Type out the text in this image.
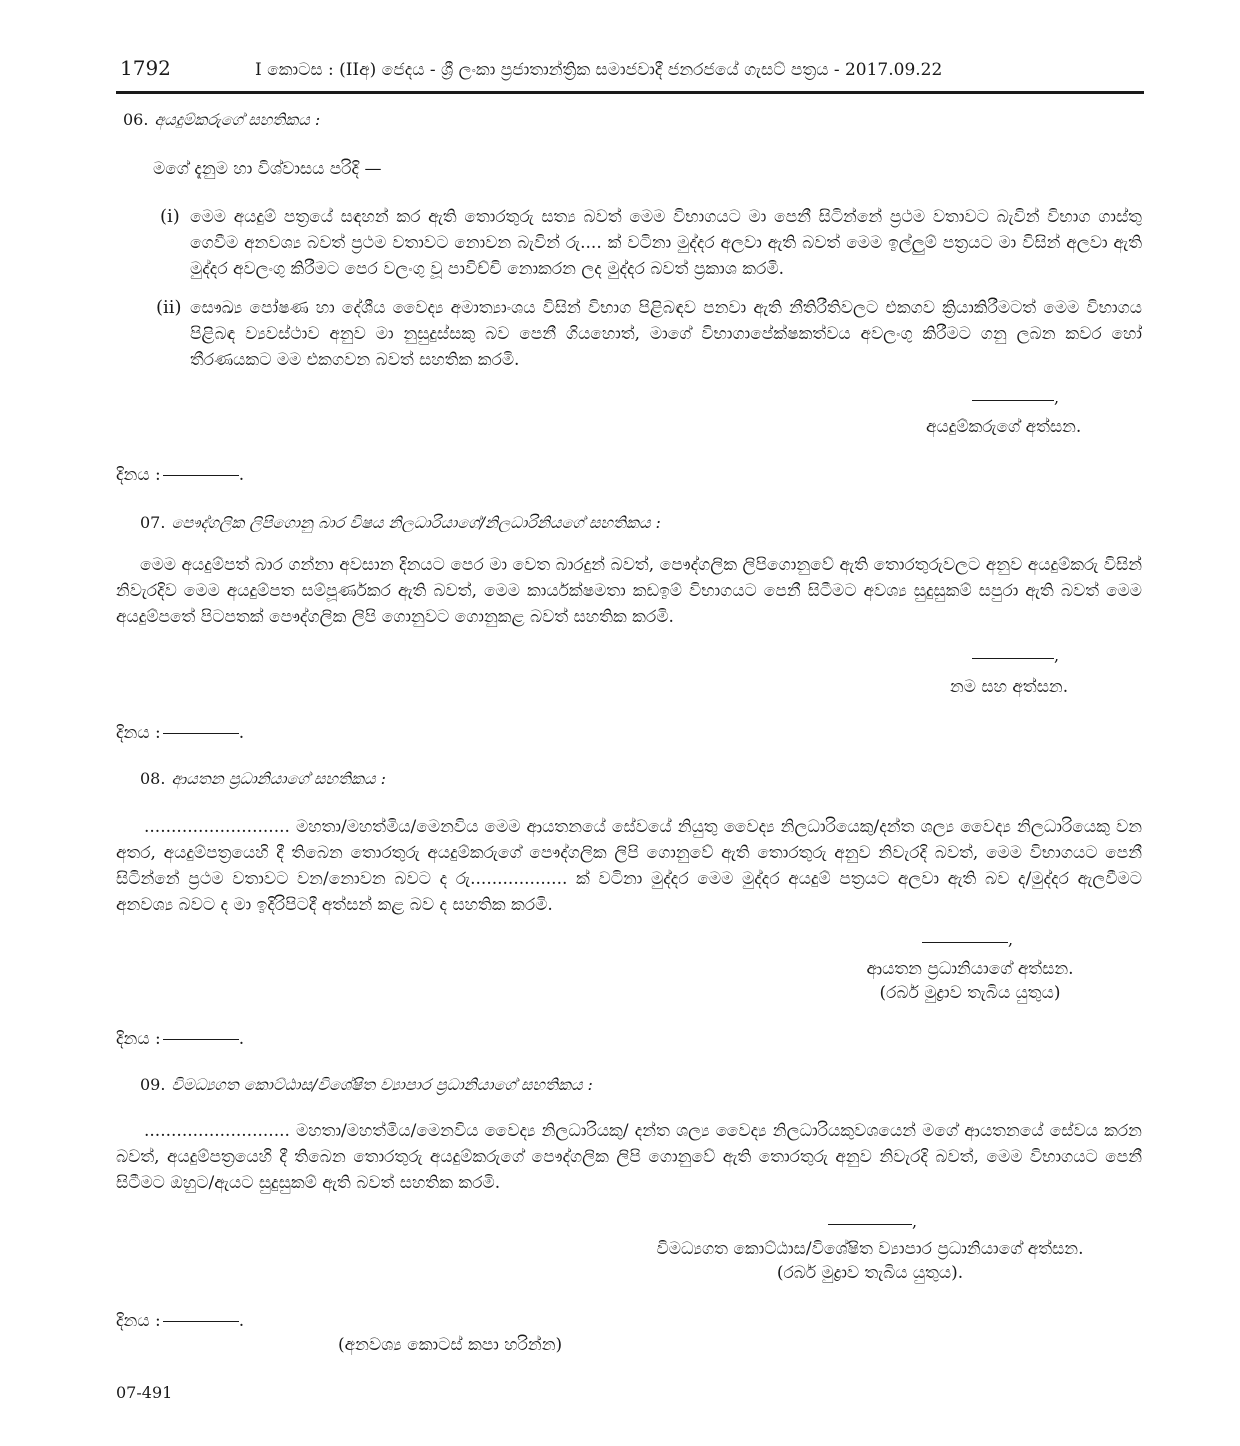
1792	I කොටස : (IIඅ) ජෙදය - ශ්‍රී ලංකා ප්‍රජාතාන්ත්‍රික සමාජවාදී ජනරජයේ ගැසට් පත්‍රය - 2017.09.22
06. අයදුම්කරුගේ සහතිකය :
මගේ දැනුම හා විශ්වාසය පරිදි —
(i) මෙම අයදුම් පත්‍රයේ සඳහන් කර ඇති තොරතුරු සත්‍ය බවත් මෙම විභාගයට මා පෙනී සිටින්නේ ප්‍රථම වතාවට බැවින් විභාග ගාස්තු ගෙවීම අනවශ්‍ය බවත් ප්‍රථම වතාවට නොවන බැවින් රු.... ක් වටිනා මුද්දර අලවා ඇති බවත් මෙම ඉල්ලුම් පත්‍රයට මා විසින් අලවා ඇති මුද්දර අවලංගු කිරීමට පෙර වලංගු වූ පාවිච්චි නොකරන ලද මුද්දර බවත් ප්‍රකාශ කරමි.
(ii) සෞඛ්‍ය පෝෂණ හා දේශීය වෛද්‍ය අමාත්‍යාංශය විසින් විභාග පිළිබඳව පනවා ඇති නීතිරීතිවලට එකගව ක්‍රියාකිරීමටත් මෙම විභාගය පිළිබඳ ව්‍යවස්ථාව අනුව මා නුසුදුස්සකු බව පෙනී ගියහොත්, මාගේ විභාගාපේක්ෂකත්වය අවලංගු කිරීමට ගනු ලබන කවර හෝ තීරණයකට මම එකගවන බවත් සහතික කරමි.
,
අයදුම්කරුගේ අත්සන.
දිනය :	.
07. පෞද්ගලික ලිපිගොනු බාර විෂය නිලධාරියාගේ/නිලධාරිනියගේ සහතිකය :
මෙම අයදුම්පත් බාර ගන්නා අවසාන දිනයට පෙර මා වෙත බාරදුන් බවත්, පෞද්ගලික ලිපිගොනුවේ ඇති තොරතුරුවලට අනුව අයදුම්කරු විසින් නිවැරදිව මෙම අයදුම්පත සම්පූර්ණකර ඇති බවත්, මෙම කාර්යක්ෂමතා කඩඉම් විභාගයට පෙනී සිටීමට අවශ්‍ය සුදුසුකම් සපුරා ඇති බවත් මෙම අයදුම්පතේ පිටපතක් පෞද්ගලික ලිපි ගොනුවට ගොනුකළ බවත් සහතික කරමි.
,
නම සහ අත්සන.
දිනය :	.
08. ආයතන ප්‍රධානියාගේ සහතිකය :
........................... මහතා/මහත්මිය/මෙනවිය මෙම ආයතනයේ සේවයේ නියුතු වෛද්‍ය නිලධාරියෙකු/දන්ත ශල්‍ය වෛද්‍ය නිලධාරියෙකු වන අතර, අයදුම්පත්‍රයෙහි දී තිබෙන තොරතුරු අයදුම්කරුගේ පෞද්ගලික ලිපි ගොනුවේ ඇති තොරතුරු අනුව නිවැරදි බවත්, මෙම විභාගයට පෙනී සිටින්නේ ප්‍රථම වතාවට වන/නොවන බවට ද රු.................. ක් වටිනා මුද්දර මෙම මුද්දර අයදුම් පත්‍රයට අලවා ඇති බව ද/මුද්දර ඇලවීමට අනවශ්‍ය බවට ද මා ඉදිරිපිටදී අත්සන් කළ බව ද සහතික කරමි.
,
ආයතන ප්‍රධානියාගේ අත්සන.
(රබර් මුද්‍රාව තැබිය යුතුය)
දිනය :	.
09. විමධ්‍යගත කොට්ඨාස/විශේෂිත ව්‍යාපාර ප්‍රධානියාගේ සහතිකය :
........................... මහතා/මහත්මිය/මෙනවිය වෛද්‍ය නිලධාරියකු/ දන්ත ශල්‍ය වෛද්‍ය නිලධාරියකුවශයෙන් මගේ ආයතනයේ සේවය කරන බවත්, අයදුම්පත්‍රයෙහි දී තිබෙන තොරතුරු අයදුම්කරුගේ පෞද්ගලික ලිපි ගොනුවේ ඇති තොරතුරු අනුව නිවැරදි බවත්, මෙම විභාගයට පෙනී සිටීමට ඔහුට/ඇයට සුදුසුකම් ඇති බවත් සහතික කරමි.
,
විමධ්‍යගත කොට්ඨාස/විශේෂිත ව්‍යාපාර ප්‍රධානියාගේ අත්සන.
(රබර් මුද්‍රාව තැබිය යුතුය).
දිනය :	.
(අනවශ්‍ය කොටස් කපා හරින්න)
07-491
